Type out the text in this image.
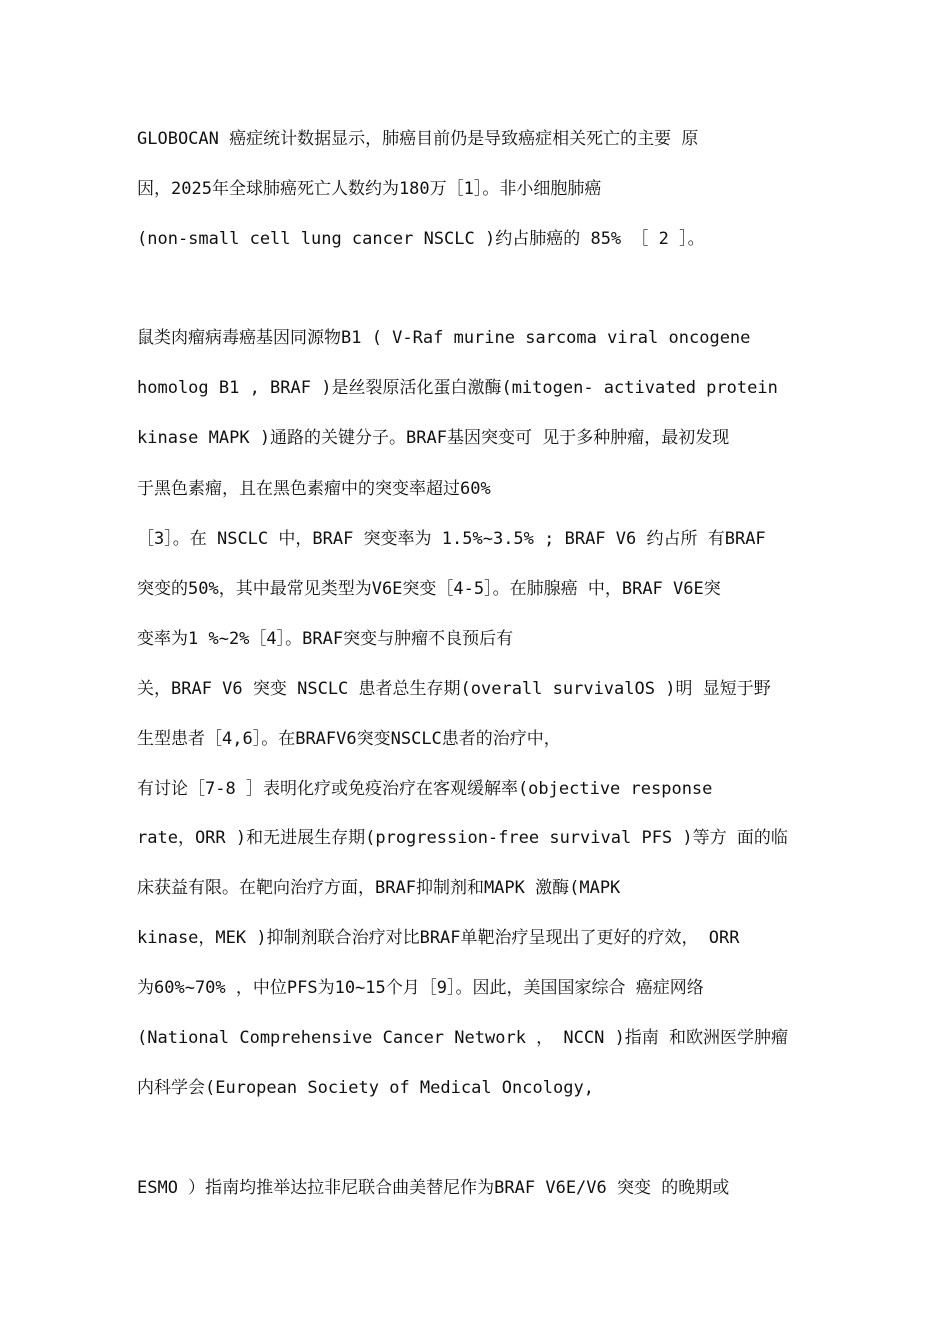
GLOBOCAN 癌症统计数据显示，肺癌目前仍是导致癌症相关死亡的主要 原
因，2025年全球肺癌死亡人数约为180万［1］。非小细胞肺癌
(non-small cell lung cancer NSCLC )约占肺癌的 85% ［ 2 ］。
鼠类肉瘤病毒癌基因同源物B1 ( V-Raf murine sarcoma viral oncogene
homolog B1 , BRAF )是丝裂原活化蛋白激酶(mitogen- activated protein
kinase MAPK )通路的关键分子。BRAF基因突变可 见于多种肿瘤，最初发现
于黑色素瘤，且在黑色素瘤中的突变率超过60%
［3］。在 NSCLC 中，BRAF 突变率为 1.5%~3.5% ; BRAF V6 约占所 有BRAF
突变的50%，其中最常见类型为V6E突变［4-5］。在肺腺癌 中，BRAF V6E突
变率为1 %~2%［4］。BRAF突变与肿瘤不良预后有
关，BRAF V6 突变 NSCLC 患者总生存期(overall survivalOS )明 显短于野
生型患者［4,6］。在BRAFV6突变NSCLC患者的治疗中，
有讨论［7-8 ］表明化疗或免疫治疗在客观缓解率(objective response
rate，ORR )和无进展生存期(progression-free survival PFS )等方 面的临
床获益有限。在靶向治疗方面，BRAF抑制剂和MAPK 激酶(MAPK
kinase，MEK )抑制剂联合治疗对比BRAF单靶治疗呈现出了更好的疗效， ORR
为60%~70% ，中位PFS为10~15个月［9］。因此，美国国家综合 癌症网络
(National Comprehensive Cancer Network ， NCCN )指南 和欧洲医学肿瘤
内科学会(European Society of Medical Oncology,
ESMO ）指南均推举达拉非尼联合曲美替尼作为BRAF V6E/V6 突变 的晚期或
